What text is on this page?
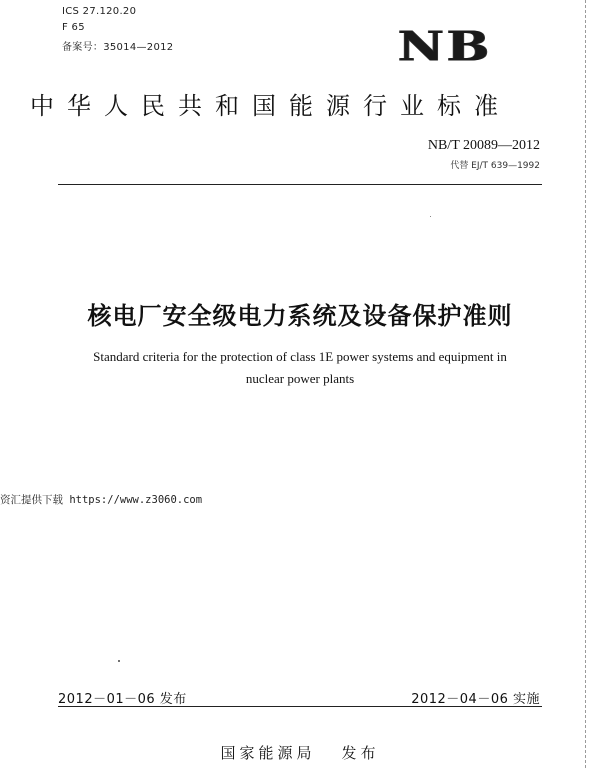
ICS 27.120.20
F 65
备案号：35014—2012	NB
中华人民共和国能源行业标准
NB/T 20089—2012
代替 EJ/T 639—1992
核电厂安全级电力系统及设备保护准则
Standard criteria for the protection of class 1E power systems and equipment in
nuclear power plants
资汇提供下载 https://www.z3060.com
2012－01－06 发布	2012－04－06 实施
国家能源局 发布
